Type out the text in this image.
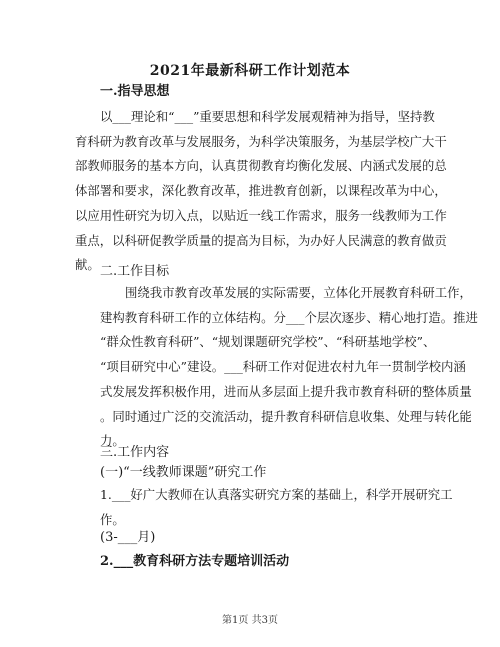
2021年最新科研工作计划范本
一.指导思想
以___理论和“___”重要思想和科学发展观精神为指导，坚持教
育科研为教育改革与发展服务，为科学决策服务，为基层学校广大干
部教师服务的基本方向，认真贯彻教育均衡化发展、内涵式发展的总
体部署和要求，深化教育改革，推进教育创新，以课程改革为中心，
以应用性研究为切入点，以贴近一线工作需求，服务一线教师为工作
重点，以科研促教学质量的提高为目标，为办好人民满意的教育做贡
献。 二.工作目标
围绕我市教育改革发展的实际需要，立体化开展教育科研工作，
建构教育科研工作的立体结构。分___个层次逐步、精心地打造。推进
“群众性教育科研”、“规划课题研究学校”、“科研基地学校”、
“项目研究中心”建设。___科研工作对促进农村九年一贯制学校内涵
式发展发挥积极作用，进而从多层面上提升我市教育科研的整体质量
。同时通过广泛的交流活动，提升教育科研信息收集、处理与转化能
力。
三.工作内容
(一)“一线教师课题”研究工作
1.___好广大教师在认真落实研究方案的基础上，科学开展研究工
作。
(3-___月)
2.___教育科研方法专题培训活动
第1页 共3页
